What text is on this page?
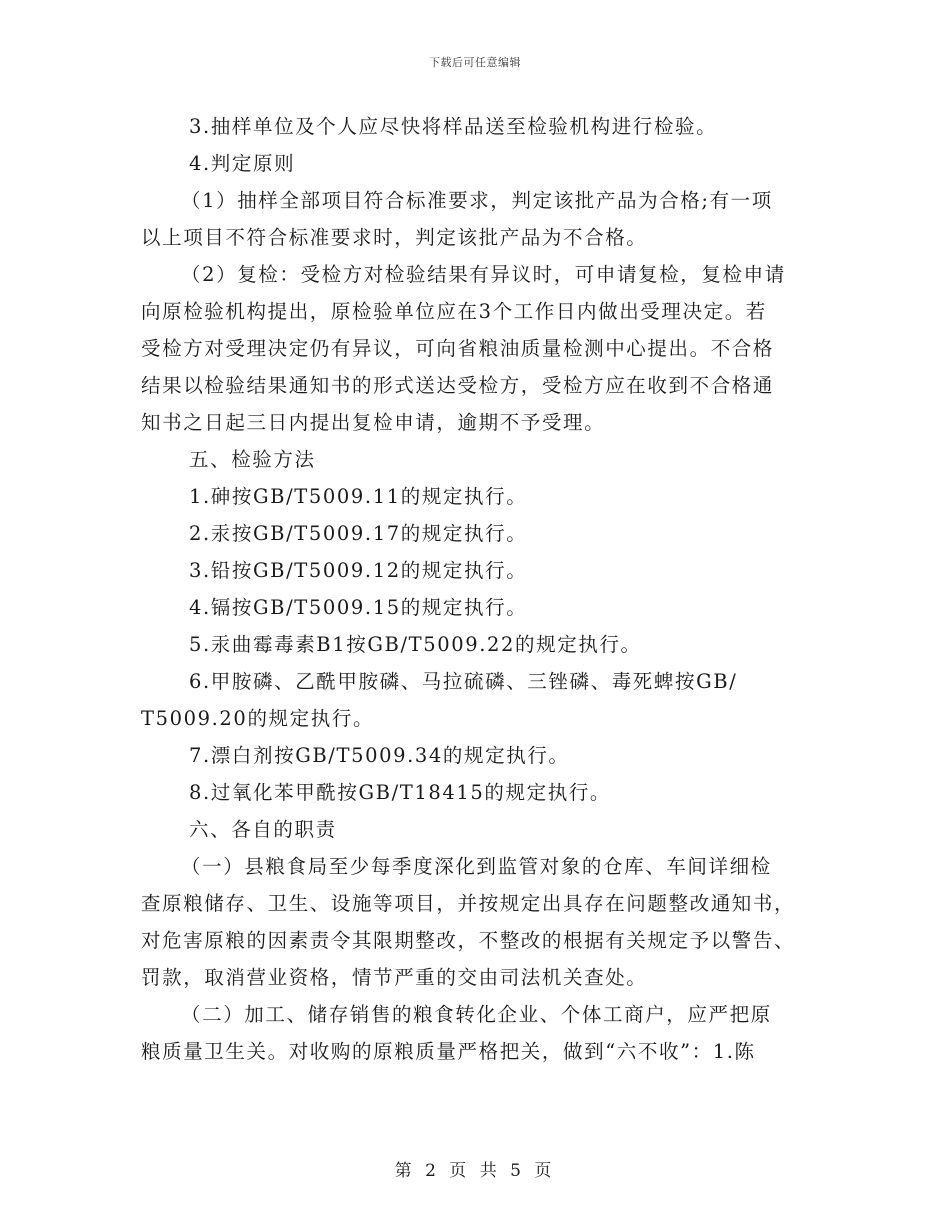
下载后可任意编辑

3.抽样单位及个人应尽快将样品送至检验机构进行检验。

4.判定原则

（1）抽样全部项目符合标准要求，判定该批产品为合格;有一项

以上项目不符合标准要求时，判定该批产品为不合格。

（2）复检：受检方对检验结果有异议时，可申请复检，复检申请

向原检验机构提出，原检验单位应在3个工作日内做出受理决定。若

受检方对受理决定仍有异议，可向省粮油质量检测中心提出。不合格

结果以检验结果通知书的形式送达受检方，受检方应在收到不合格通

知书之日起三日内提出复检申请，逾期不予受理。

五、检验方法

1.砷按GB/T5009.11的规定执行。

2.汞按GB/T5009.17的规定执行。

3.铅按GB/T5009.12的规定执行。

4.镉按GB/T5009.15的规定执行。

5.汞曲霉毒素B1按GB/T5009.22的规定执行。

6.甲胺磷、乙酰甲胺磷、马拉硫磷、三锉磷、毒死蜱按GB/

T5009.20的规定执行。

7.漂白剂按GB/T5009.34的规定执行。

8.过氧化苯甲酰按GB/T18415的规定执行。

六、各自的职责

（一）县粮食局至少每季度深化到监管对象的仓库、车间详细检

查原粮储存、卫生、设施等项目，并按规定出具存在问题整改通知书，

对危害原粮的因素责令其限期整改，不整改的根据有关规定予以警告、

罚款，取消营业资格，情节严重的交由司法机关查处。

（二）加工、储存销售的粮食转化企业、个体工商户，应严把原

粮质量卫生关。对收购的原粮质量严格把关，做到“六不收”：1.陈

第 2 页 共 5 页
